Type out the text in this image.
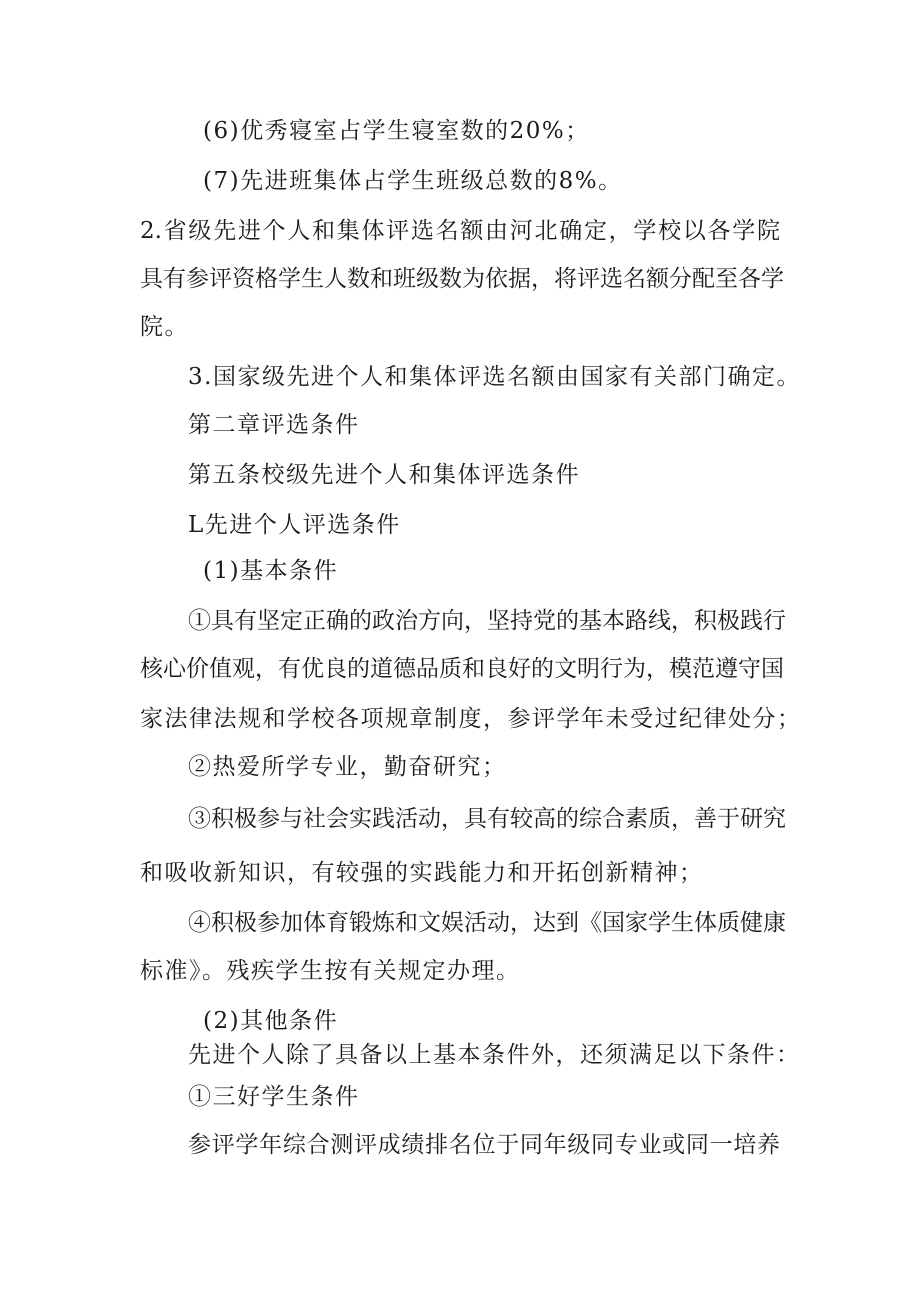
(6)优秀寝室占学生寝室数的20%；
(7)先进班集体占学生班级总数的8%。
2.省级先进个人和集体评选名额由河北确定，学校以各学院
具有参评资格学生人数和班级数为依据，将评选名额分配至各学
院。
3.国家级先进个人和集体评选名额由国家有关部门确定。
第二章评选条件
第五条校级先进个人和集体评选条件
L先进个人评选条件
(1)基本条件
①具有坚定正确的政治方向，坚持党的基本路线，积极践行
核心价值观，有优良的道德品质和良好的文明行为，模范遵守国
家法律法规和学校各项规章制度，参评学年未受过纪律处分；
②热爱所学专业，勤奋研究；
③积极参与社会实践活动，具有较高的综合素质，善于研究
和吸收新知识，有较强的实践能力和开拓创新精神；
④积极参加体育锻炼和文娱活动，达到《国家学生体质健康
标准》。残疾学生按有关规定办理。
(2)其他条件
先进个人除了具备以上基本条件外，还须满足以下条件：
①三好学生条件
参评学年综合测评成绩排名位于同年级同专业或同一培养
